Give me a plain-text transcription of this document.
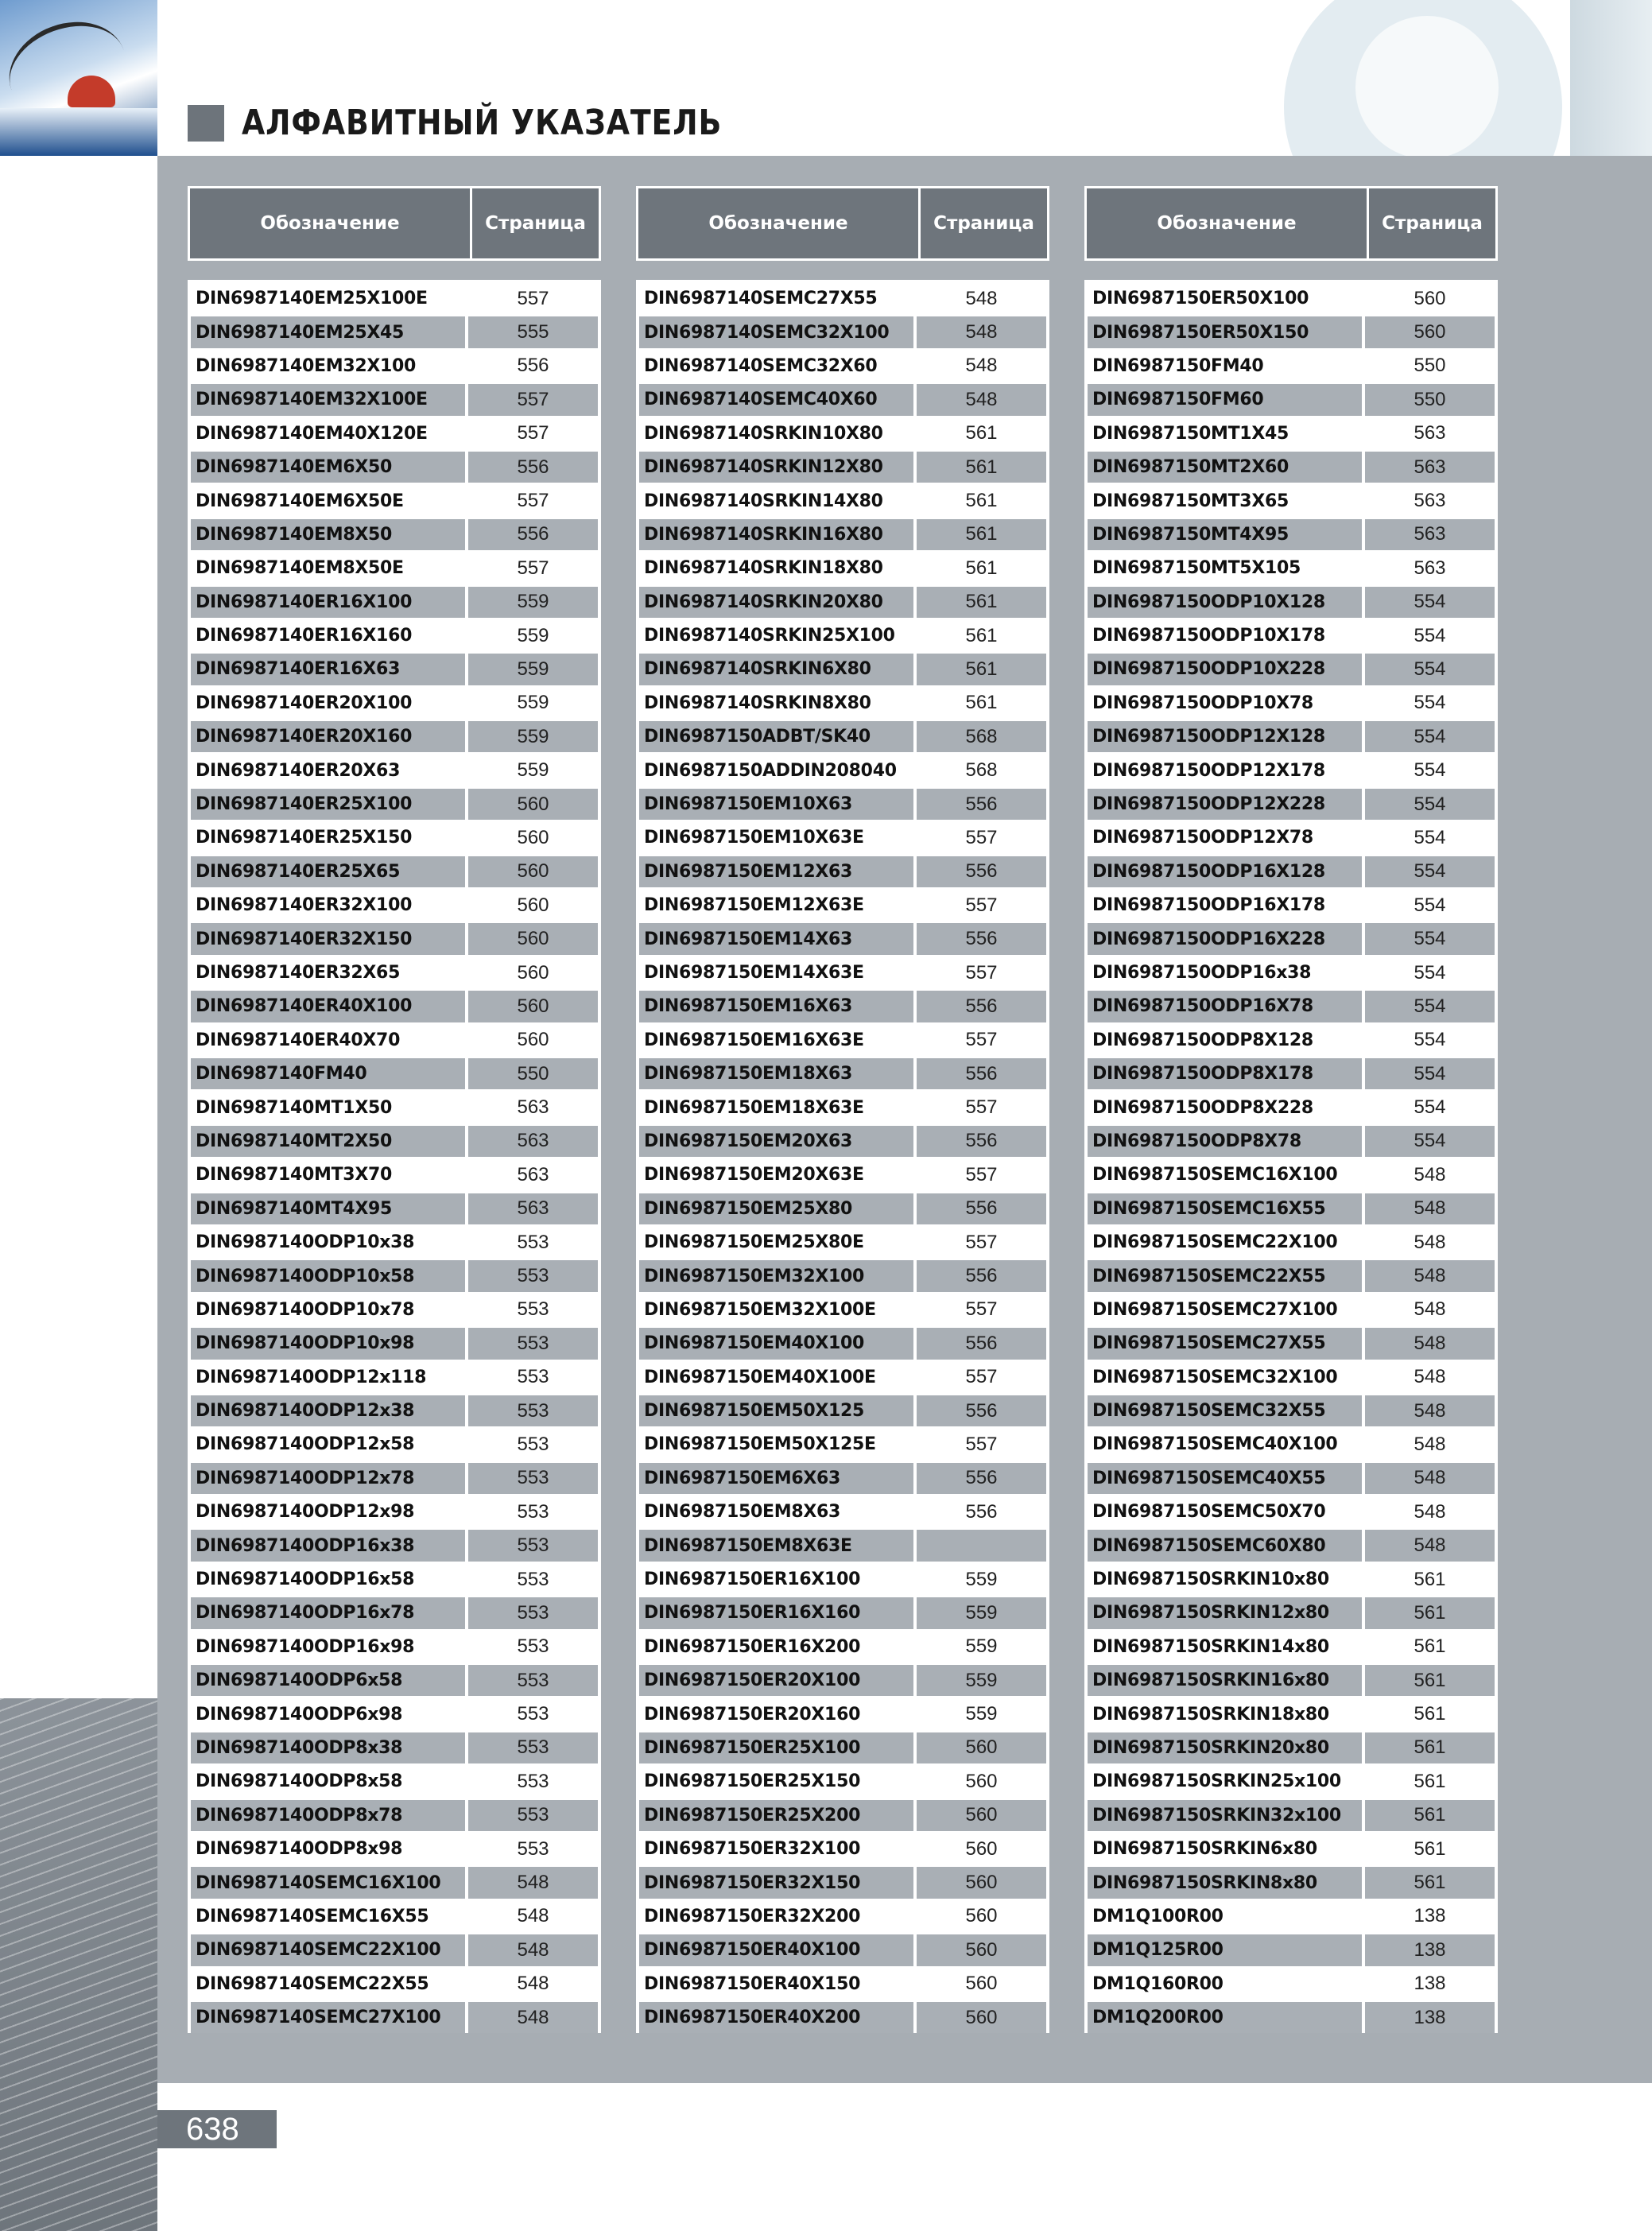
АЛФАВИТНЫЙ УКАЗАТЕЛЬ
Обозначение	Страница
DIN6987140EM25X100E	557
DIN6987140EM25X45	555
DIN6987140EM32X100	556
DIN6987140EM32X100E	557
DIN6987140EM40X120E	557
DIN6987140EM6X50	556
DIN6987140EM6X50E	557
DIN6987140EM8X50	556
DIN6987140EM8X50E	557
DIN6987140ER16X100	559
DIN6987140ER16X160	559
DIN6987140ER16X63	559
DIN6987140ER20X100	559
DIN6987140ER20X160	559
DIN6987140ER20X63	559
DIN6987140ER25X100	560
DIN6987140ER25X150	560
DIN6987140ER25X65	560
DIN6987140ER32X100	560
DIN6987140ER32X150	560
DIN6987140ER32X65	560
DIN6987140ER40X100	560
DIN6987140ER40X70	560
DIN6987140FM40	550
DIN6987140MT1X50	563
DIN6987140MT2X50	563
DIN6987140MT3X70	563
DIN6987140MT4X95	563
DIN6987140ODP10x38	553
DIN6987140ODP10x58	553
DIN6987140ODP10x78	553
DIN6987140ODP10x98	553
DIN6987140ODP12x118	553
DIN6987140ODP12x38	553
DIN6987140ODP12x58	553
DIN6987140ODP12x78	553
DIN6987140ODP12x98	553
DIN6987140ODP16x38	553
DIN6987140ODP16x58	553
DIN6987140ODP16x78	553
DIN6987140ODP16x98	553
DIN6987140ODP6x58	553
DIN6987140ODP6x98	553
DIN6987140ODP8x38	553
DIN6987140ODP8x58	553
DIN6987140ODP8x78	553
DIN6987140ODP8x98	553
DIN6987140SEMC16X100	548
DIN6987140SEMC16X55	548
DIN6987140SEMC22X100	548
DIN6987140SEMC22X55	548
DIN6987140SEMC27X100	548
Обозначение	Страница
DIN6987140SEMC27X55	548
DIN6987140SEMC32X100	548
DIN6987140SEMC32X60	548
DIN6987140SEMC40X60	548
DIN6987140SRKIN10X80	561
DIN6987140SRKIN12X80	561
DIN6987140SRKIN14X80	561
DIN6987140SRKIN16X80	561
DIN6987140SRKIN18X80	561
DIN6987140SRKIN20X80	561
DIN6987140SRKIN25X100	561
DIN6987140SRKIN6X80	561
DIN6987140SRKIN8X80	561
DIN6987150ADBT/SK40	568
DIN6987150ADDIN208040	568
DIN6987150EM10X63	556
DIN6987150EM10X63E	557
DIN6987150EM12X63	556
DIN6987150EM12X63E	557
DIN6987150EM14X63	556
DIN6987150EM14X63E	557
DIN6987150EM16X63	556
DIN6987150EM16X63E	557
DIN6987150EM18X63	556
DIN6987150EM18X63E	557
DIN6987150EM20X63	556
DIN6987150EM20X63E	557
DIN6987150EM25X80	556
DIN6987150EM25X80E	557
DIN6987150EM32X100	556
DIN6987150EM32X100E	557
DIN6987150EM40X100	556
DIN6987150EM40X100E	557
DIN6987150EM50X125	556
DIN6987150EM50X125E	557
DIN6987150EM6X63	556
DIN6987150EM8X63	556
DIN6987150EM8X63E
DIN6987150ER16X100	559
DIN6987150ER16X160	559
DIN6987150ER16X200	559
DIN6987150ER20X100	559
DIN6987150ER20X160	559
DIN6987150ER25X100	560
DIN6987150ER25X150	560
DIN6987150ER25X200	560
DIN6987150ER32X100	560
DIN6987150ER32X150	560
DIN6987150ER32X200	560
DIN6987150ER40X100	560
DIN6987150ER40X150	560
DIN6987150ER40X200	560
Обозначение	Страница
DIN6987150ER50X100	560
DIN6987150ER50X150	560
DIN6987150FM40	550
DIN6987150FM60	550
DIN6987150MT1X45	563
DIN6987150MT2X60	563
DIN6987150MT3X65	563
DIN6987150MT4X95	563
DIN6987150MT5X105	563
DIN6987150ODP10X128	554
DIN6987150ODP10X178	554
DIN6987150ODP10X228	554
DIN6987150ODP10X78	554
DIN6987150ODP12X128	554
DIN6987150ODP12X178	554
DIN6987150ODP12X228	554
DIN6987150ODP12X78	554
DIN6987150ODP16X128	554
DIN6987150ODP16X178	554
DIN6987150ODP16X228	554
DIN6987150ODP16x38	554
DIN6987150ODP16X78	554
DIN6987150ODP8X128	554
DIN6987150ODP8X178	554
DIN6987150ODP8X228	554
DIN6987150ODP8X78	554
DIN6987150SEMC16X100	548
DIN6987150SEMC16X55	548
DIN6987150SEMC22X100	548
DIN6987150SEMC22X55	548
DIN6987150SEMC27X100	548
DIN6987150SEMC27X55	548
DIN6987150SEMC32X100	548
DIN6987150SEMC32X55	548
DIN6987150SEMC40X100	548
DIN6987150SEMC40X55	548
DIN6987150SEMC50X70	548
DIN6987150SEMC60X80	548
DIN6987150SRKIN10x80	561
DIN6987150SRKIN12x80	561
DIN6987150SRKIN14x80	561
DIN6987150SRKIN16x80	561
DIN6987150SRKIN18x80	561
DIN6987150SRKIN20x80	561
DIN6987150SRKIN25x100	561
DIN6987150SRKIN32x100	561
DIN6987150SRKIN6x80	561
DIN6987150SRKIN8x80	561
DM1Q100R00	138
DM1Q125R00	138
DM1Q160R00	138
DM1Q200R00	138
638
